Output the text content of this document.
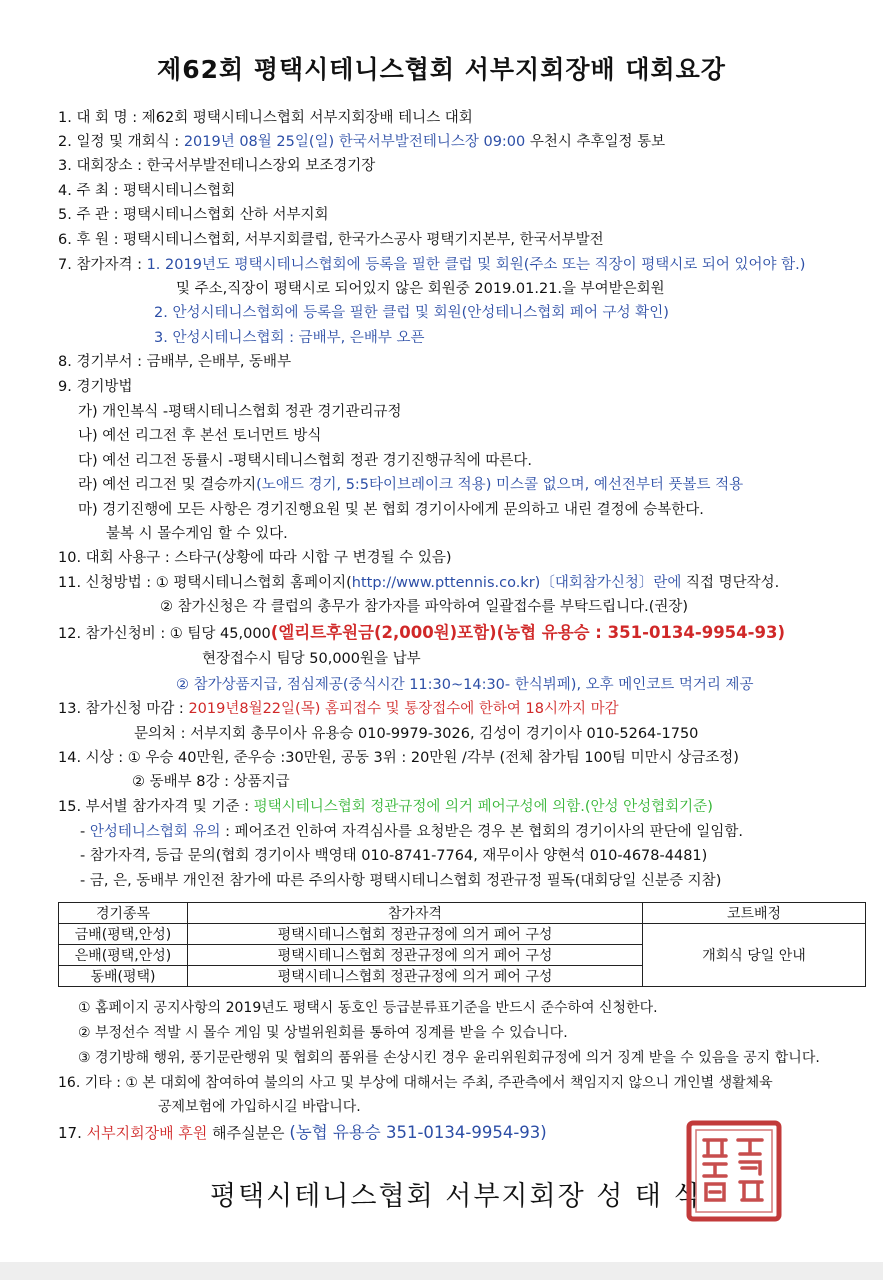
제62회 평택시테니스협회 서부지회장배 대회요강
1. 대 회 명 : 제62회 평택시테니스협회 서부지회장배 테니스 대회
2. 일정 및 개회식 : 2019년 08월 25일(일) 한국서부발전테니스장 09:00 우천시 추후일정 통보
3. 대회장소 : 한국서부발전테니스장외 보조경기장
4. 주 최 : 평택시테니스협회
5. 주 관 : 평택시테니스협회 산하 서부지회
6. 후 원 : 평택시테니스협회, 서부지회클럽, 한국가스공사 평택기지본부, 한국서부발전
7. 참가자격 : 1. 2019년도 평택시테니스협회에 등록을 필한 클럽 및 회원(주소 또는 직장이 평택시로 되어 있어야 함.)
및 주소,직장이 평택시로 되어있지 않은 회원중 2019.01.21.을 부여받은회원
2. 안성시테니스협회에 등록을 필한 클럽 및 회원(안성테니스협회 페어 구성 확인)
3. 안성시테니스협회 : 금배부, 은배부 오픈
8. 경기부서 : 금배부, 은배부, 동배부
9. 경기방법
가) 개인복식 -평택시테니스협회 정관 경기관리규정
나) 예선 리그전 후 본선 토너먼트 방식
다) 예선 리그전 동률시 -평택시테니스협회 정관 경기진행규칙에 따른다.
라) 예선 리그전 및 결승까지(노애드 경기, 5:5타이브레이크 적용) 미스콜 없으며, 예선전부터 풋볼트 적용
마) 경기진행에 모든 사항은 경기진행요원 및 본 협회 경기이사에게 문의하고 내린 결정에 승복한다.
불복 시 몰수게임 할 수 있다.
10. 대회 사용구 : 스타구(상황에 따라 시합 구 변경될 수 있음)
11. 신청방법 : ① 평택시테니스협회 홈페이지(http://www.pttennis.co.kr)〔대회참가신청〕란에 직접 명단작성.
② 참가신청은 각 클럽의 총무가 참가자를 파악하여 일괄접수를 부탁드립니다.(권장)
12. 참가신청비 : ① 팀당 45,000(엘리트후원금(2,000원)포함)(농협 유용승 : 351-0134-9954-93)
현장접수시 팀당 50,000원을 납부
② 참가상품지급, 점심제공(중식시간 11:30~14:30- 한식뷔페), 오후 메인코트 먹거리 제공
13. 참가신청 마감 : 2019년8월22일(목) 홈피접수 및 통장접수에 한하여 18시까지 마감
문의처 : 서부지회 총무이사 유용승 010-9979-3026, 김성이 경기이사 010-5264-1750
14. 시상 : ① 우승 40만원, 준우승 :30만원, 공동 3위 : 20만원 /각부 (전체 참가팀 100팀 미만시 상금조정)
② 동배부 8강 : 상품지급
15. 부서별 참가자격 및 기준 : 평택시테니스협회 정관규정에 의거 페어구성에 의함.(안성 안성협회기준)
- 안성테니스협회 유의 : 페어조건 인하여 자격심사를 요청받은 경우 본 협회의 경기이사의 판단에 일임함.
- 참가자격, 등급 문의(협회 경기이사 백영태 010-8741-7764, 재무이사 양현석 010-4678-4481)
- 금, 은, 동배부 개인전 참가에 따른 주의사항 평택시테니스협회 정관규정 필독(대회당일 신분증 지참)
경기종목	참가자격	코트배정
금배(평택,안성)	평택시테니스협회 정관규정에 의거 페어 구성	개회식 당일 안내
은배(평택,안성)	평택시테니스협회 정관규정에 의거 페어 구성	
동배(평택)	평택시테니스협회 정관규정에 의거 페어 구성	
① 홈페이지 공지사항의 2019년도 평택시 동호인 등급분류표기준을 반드시 준수하여 신청한다.
② 부정선수 적발 시 몰수 게임 및 상벌위원회를 통하여 징계를 받을 수 있습니다.
③ 경기방해 행위, 풍기문란행위 및 협회의 품위를 손상시킨 경우 윤리위원회규정에 의거 징계 받을 수 있음을 공지 합니다.
16. 기타 : ① 본 대회에 참여하여 불의의 사고 및 부상에 대해서는 주최, 주관측에서 책임지지 않으니 개인별 생활체육
공제보험에 가입하시길 바랍니다.
17. 서부지회장배 후원 해주실분은 (농협 유용승 351-0134-9954-93)
평택시테니스협회 서부지회장 성 태 식
